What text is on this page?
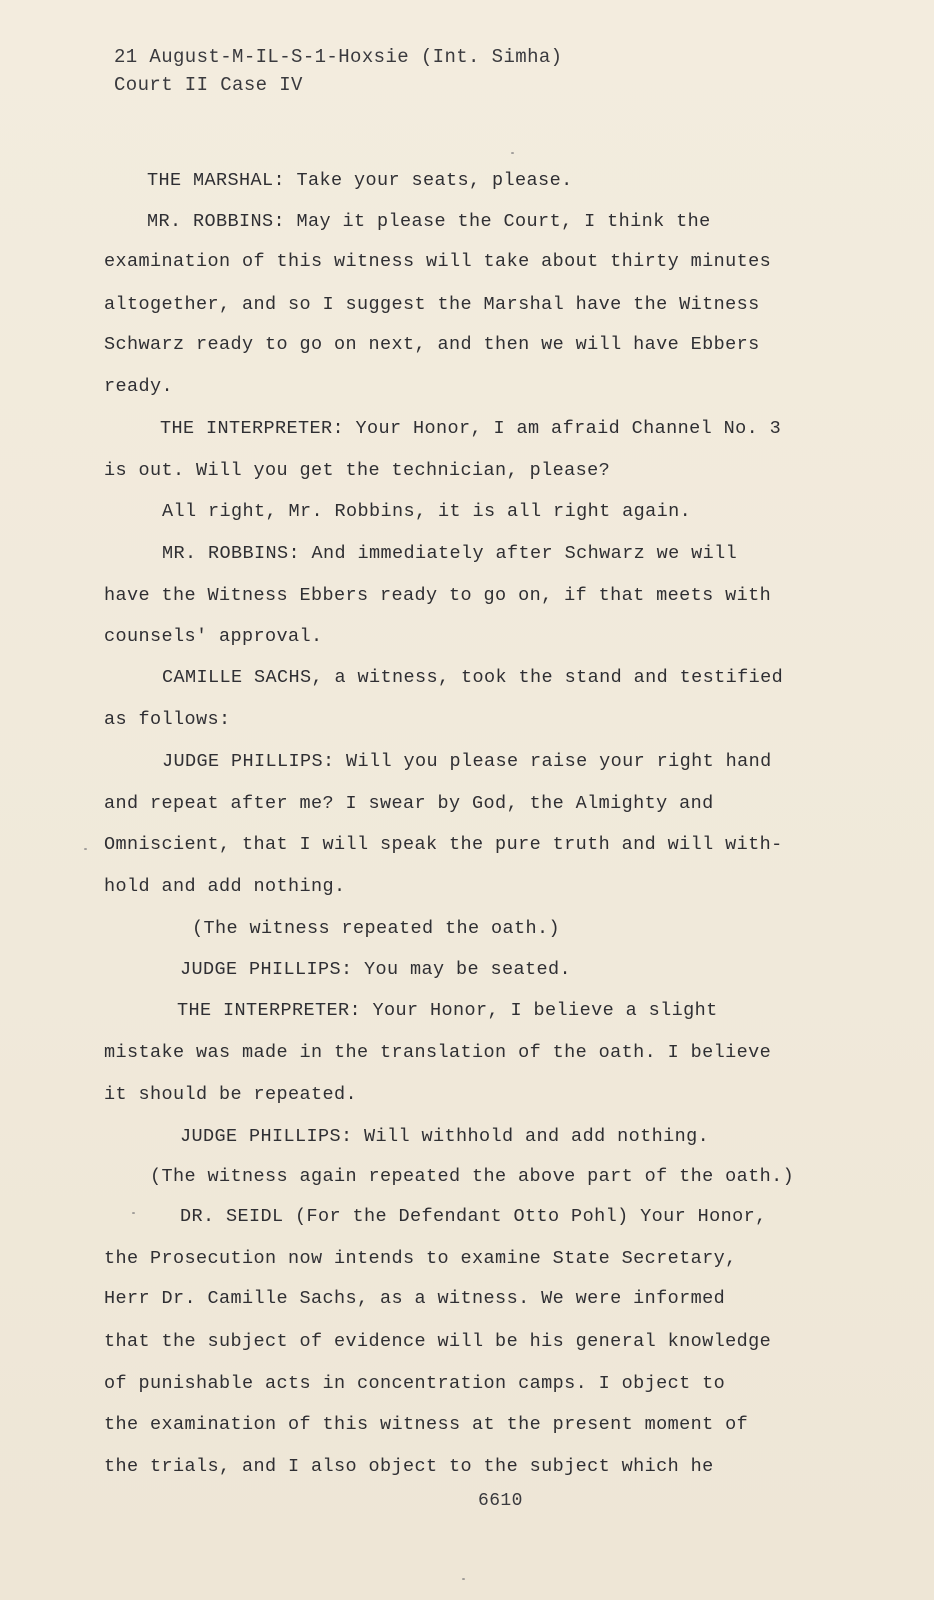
21 August-M-IL-S-1-Hoxsie (Int. Simha)
Court II Case IV
THE MARSHAL: Take your seats, please.
MR. ROBBINS: May it please the Court, I think the
examination of this witness will take about thirty minutes
altogether, and so I suggest the Marshal have the Witness
Schwarz ready to go on next, and then we will have Ebbers
ready.
THE INTERPRETER: Your Honor, I am afraid Channel No. 3
is out. Will you get the technician, please?
All right, Mr. Robbins, it is all right again.
MR. ROBBINS: And immediately after Schwarz we will
have the Witness Ebbers ready to go on, if that meets with
counsels' approval.
CAMILLE SACHS, a witness, took the stand and testified
as follows:
JUDGE PHILLIPS: Will you please raise your right hand
and repeat after me? I swear by God, the Almighty and
Omniscient, that I will speak the pure truth and will with-
hold and add nothing.
(The witness repeated the oath.)
JUDGE PHILLIPS: You may be seated.
THE INTERPRETER: Your Honor, I believe a slight
mistake was made in the translation of the oath. I believe
it should be repeated.
JUDGE PHILLIPS: Will withhold and add nothing.
(The witness again repeated the above part of the oath.)
DR. SEIDL (For the Defendant Otto Pohl) Your Honor,
the Prosecution now intends to examine State Secretary,
Herr Dr. Camille Sachs, as a witness. We were informed
that the subject of evidence will be his general knowledge
of punishable acts in concentration camps. I object to
the examination of this witness at the present moment of
the trials, and I also object to the subject which he
6610
